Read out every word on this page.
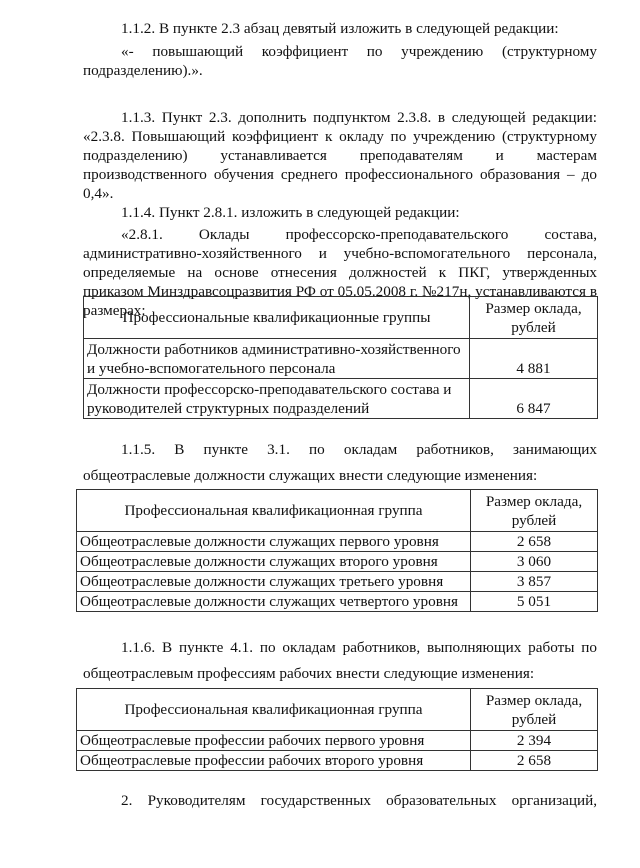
1.1.2. В пункте 2.3 абзац девятый изложить в следующей редакции:

«- повышающий коэффициент по учреждению (структурному подразделению).».

1.1.3. Пункт 2.3. дополнить подпунктом 2.3.8. в следующей редакции: «2.3.8. Повышающий коэффициент к окладу по учреждению (структурному подразделению) устанавливается преподавателям и мастерам производственного обучения среднего профессионального образования – до 0,4».

1.1.4. Пункт 2.8.1. изложить в следующей редакции:

«2.8.1. Оклады профессорско-преподавательского состава, административно-хозяйственного и учебно-вспомогательного персонала, определяемые на основе отнесения должностей к ПКГ, утвержденных приказом Минздравсоцразвития РФ от 05.05.2008 г. №217н, устанавливаются в размерах:

Профессиональные квалификационные группы	Размер оклада, рублей
Должности работников административно-хозяйственного и учебно-вспомогательного персонала	4 881
Должности профессорско-преподавательского состава и руководителей структурных подразделений	6 847

1.1.5. В пункте 3.1. по окладам работников, занимающих общеотраслевые должности служащих внести следующие изменения:

Профессиональная квалификационная группа	Размер оклада, рублей
Общеотраслевые должности служащих первого уровня	2 658
Общеотраслевые должности служащих второго уровня	3 060
Общеотраслевые должности служащих третьего уровня	3 857
Общеотраслевые должности служащих четвертого уровня	5 051

1.1.6. В пункте 4.1. по окладам работников, выполняющих работы по общеотраслевым профессиям рабочих внести следующие изменения:

Профессиональная квалификационная группа	Размер оклада, рублей
Общеотраслевые профессии рабочих первого уровня	2 394
Общеотраслевые профессии рабочих второго уровня	2 658

2. Руководителям государственных образовательных организаций,
